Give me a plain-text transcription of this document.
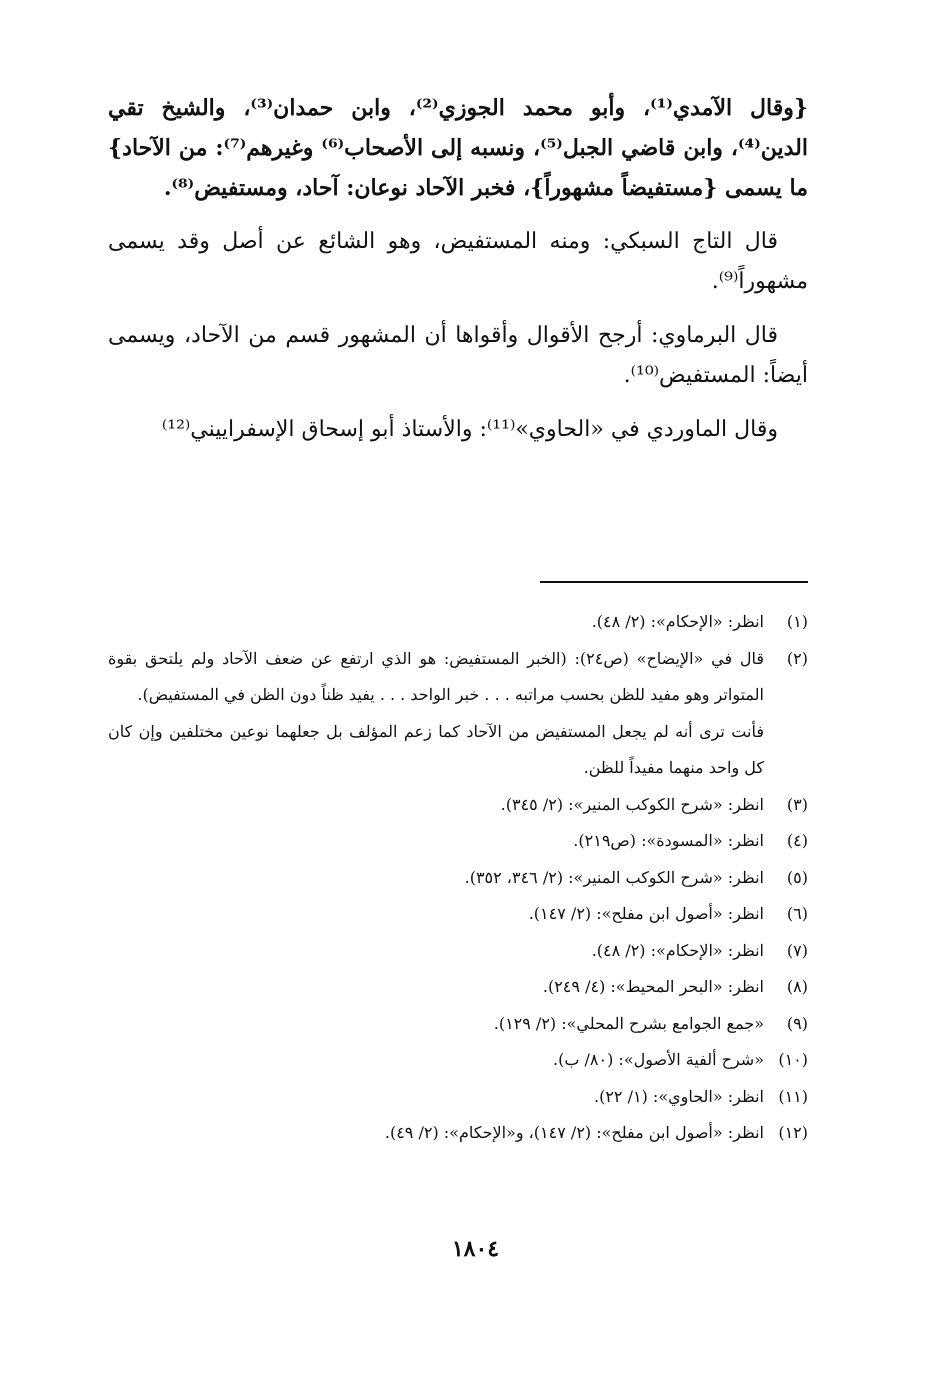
{وقال الآمدي⁽¹⁾، وأبو محمد الجوزي⁽²⁾، وابن حمدان⁽³⁾، والشيخ تقي الدين⁽⁴⁾، وابن قاضي الجبل⁽⁵⁾، ونسبه إلى الأصحاب⁽⁶⁾ وغيرهم⁽⁷⁾: من الآحاد} ما يسمى {مستفيضاً مشهوراً}، فخبر الآحاد نوعان: آحاد، ومستفيض⁽⁸⁾.

قال التاج السبكي: ومنه المستفيض، وهو الشائع عن أصل وقد يسمى مشهوراً⁽⁹⁾.

قال البرماوي: أرجح الأقوال وأقواها أن المشهور قسم من الآحاد، ويسمى أيضاً: المستفيض⁽¹⁰⁾.

وقال الماوردي في «الحاوي»⁽¹¹⁾: والأستاذ أبو إسحاق الإسفراييني⁽¹²⁾

(١)
انظر: «الإحكام»: (٢/ ٤٨).
(٢)
قال في «الإيضاح» (ص٢٤): (الخبر المستفيض: هو الذي ارتفع عن ضعف الآحاد ولم يلتحق بقوة المتواتر وهو مفيد للظن بحسب مراتبه . . . خبر الواحد . . . يفيد ظناً دون الظن في المستفيض).
فأنت ترى أنه لم يجعل المستفيض من الآحاد كما زعم المؤلف بل جعلهما نوعين مختلفين وإن كان كل واحد منهما مفيداً للظن.
(٣)
انظر: «شرح الكوكب المنير»: (٢/ ٣٤٥).
(٤)
انظر: «المسودة»: (ص٢١٩).
(٥)
انظر: «شرح الكوكب المنير»: (٢/ ٣٤٦، ٣٥٢).
(٦)
انظر: «أصول ابن مفلح»: (٢/ ١٤٧).
(٧)
انظر: «الإحكام»: (٢/ ٤٨).
(٨)
انظر: «البحر المحيط»: (٤/ ٢٤٩).
(٩)
«جمع الجوامع بشرح المحلي»: (٢/ ١٢٩).
(١٠)
«شرح ألفية الأصول»: (٨٠/ ب).
(١١)
انظر: «الحاوي»: (١/ ٢٢).
(١٢)
انظر: «أصول ابن مفلح»: (٢/ ١٤٧)، و«الإحكام»: (٢/ ٤٩).
١٨٠٤
